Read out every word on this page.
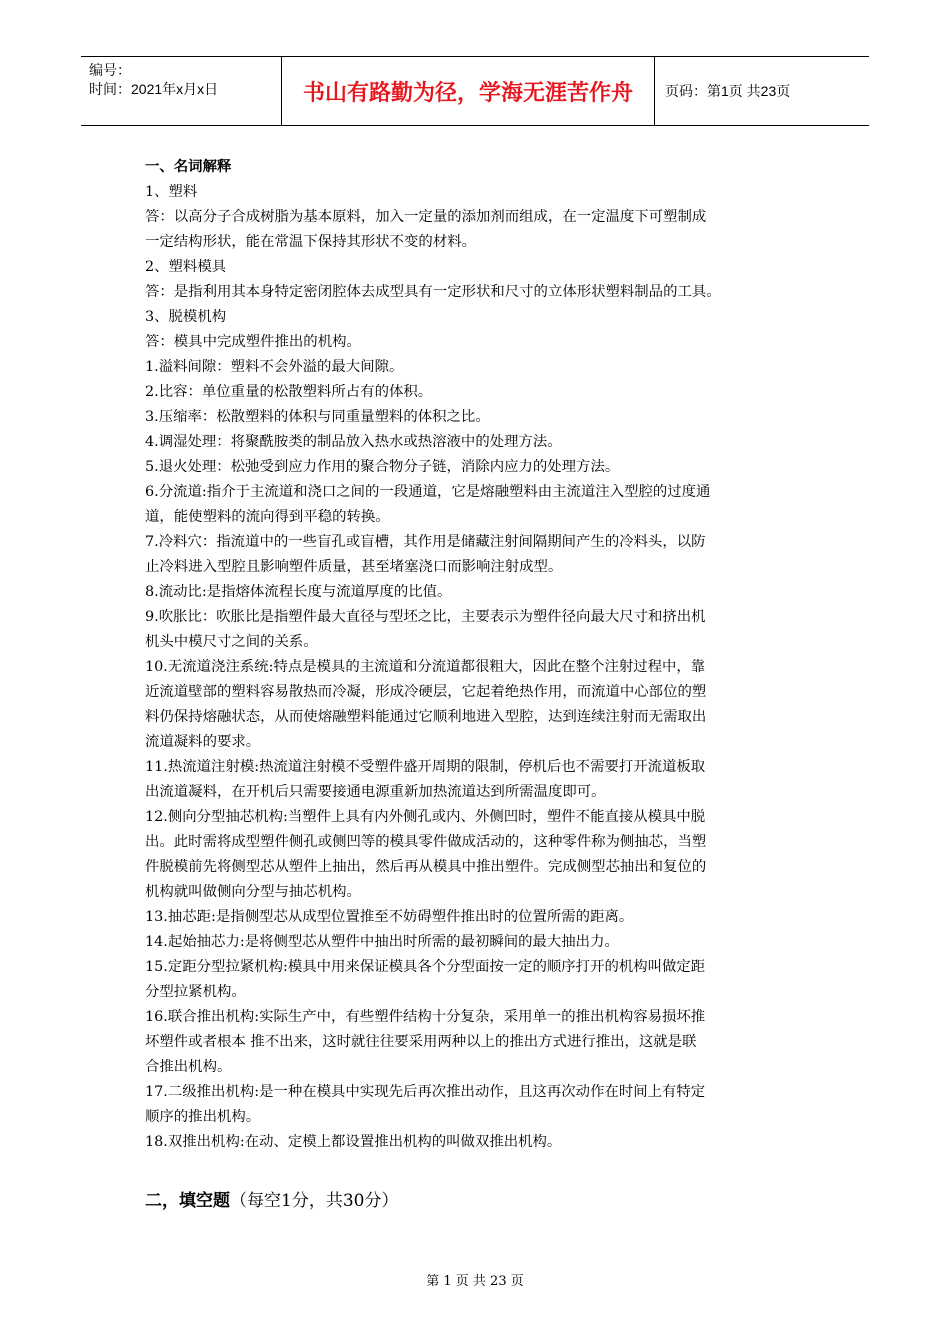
编号：
时间：2021年x月x日	书山有路勤为径，学海无涯苦作舟	页码：第1页 共23页

一、名词解释

1、塑料

答：以高分子合成树脂为基本原料，加入一定量的添加剂而组成，在一定温度下可塑制成

一定结构形状，能在常温下保持其形状不变的材料。

2、塑料模具

答：是指利用其本身特定密闭腔体去成型具有一定形状和尺寸的立体形状塑料制品的工具。

3、脱模机构

答：模具中完成塑件推出的机构。

1.溢料间隙：塑料不会外溢的最大间隙。

2.比容：单位重量的松散塑料所占有的体积。

3.压缩率：松散塑料的体积与同重量塑料的体积之比。

4.调湿处理：将聚酰胺类的制品放入热水或热溶液中的处理方法。

5.退火处理：松弛受到应力作用的聚合物分子链，消除内应力的处理方法。

6.分流道:指介于主流道和浇口之间的一段通道，它是熔融塑料由主流道注入型腔的过度通

道，能使塑料的流向得到平稳的转换。

7.冷料穴：指流道中的一些盲孔或盲槽，其作用是储藏注射间隔期间产生的冷料头，以防

止冷料进入型腔且影响塑件质量，甚至堵塞浇口而影响注射成型。

8.流动比:是指熔体流程长度与流道厚度的比值。

9.吹胀比：吹胀比是指塑件最大直径与型坯之比，主要表示为塑件径向最大尺寸和挤出机

机头中模尺寸之间的关系。

10.无流道浇注系统:特点是模具的主流道和分流道都很粗大，因此在整个注射过程中，靠

近流道壁部的塑料容易散热而冷凝，形成冷硬层，它起着绝热作用，而流道中心部位的塑

料仍保持熔融状态，从而使熔融塑料能通过它顺利地进入型腔，达到连续注射而无需取出

流道凝料的要求。

11.热流道注射模:热流道注射模不受塑件盛开周期的限制，停机后也不需要打开流道板取

出流道凝料，在开机后只需要接通电源重新加热流道达到所需温度即可。

12.侧向分型抽芯机构:当塑件上具有内外侧孔或内、外侧凹时，塑件不能直接从模具中脱

出。此时需将成型塑件侧孔或侧凹等的模具零件做成活动的，这种零件称为侧抽芯，当塑

件脱模前先将侧型芯从塑件上抽出，然后再从模具中推出塑件。完成侧型芯抽出和复位的

机构就叫做侧向分型与抽芯机构。

13.抽芯距:是指侧型芯从成型位置推至不妨碍塑件推出时的位置所需的距离。

14.起始抽芯力:是将侧型芯从塑件中抽出时所需的最初瞬间的最大抽出力。

15.定距分型拉紧机构:模具中用来保证模具各个分型面按一定的顺序打开的机构叫做定距

分型拉紧机构。

16.联合推出机构:实际生产中，有些塑件结构十分复杂，采用单一的推出机构容易损坏推

坏塑件或者根本 推不出来，这时就往往要采用两种以上的推出方式进行推出，这就是联

合推出机构。

17.二级推出机构:是一种在模具中实现先后再次推出动作，且这再次动作在时间上有特定

顺序的推出机构。

18.双推出机构:在动、定模上都设置推出机构的叫做双推出机构。

二，填空题（每空1分，共30分）
第 1 页 共 23 页
